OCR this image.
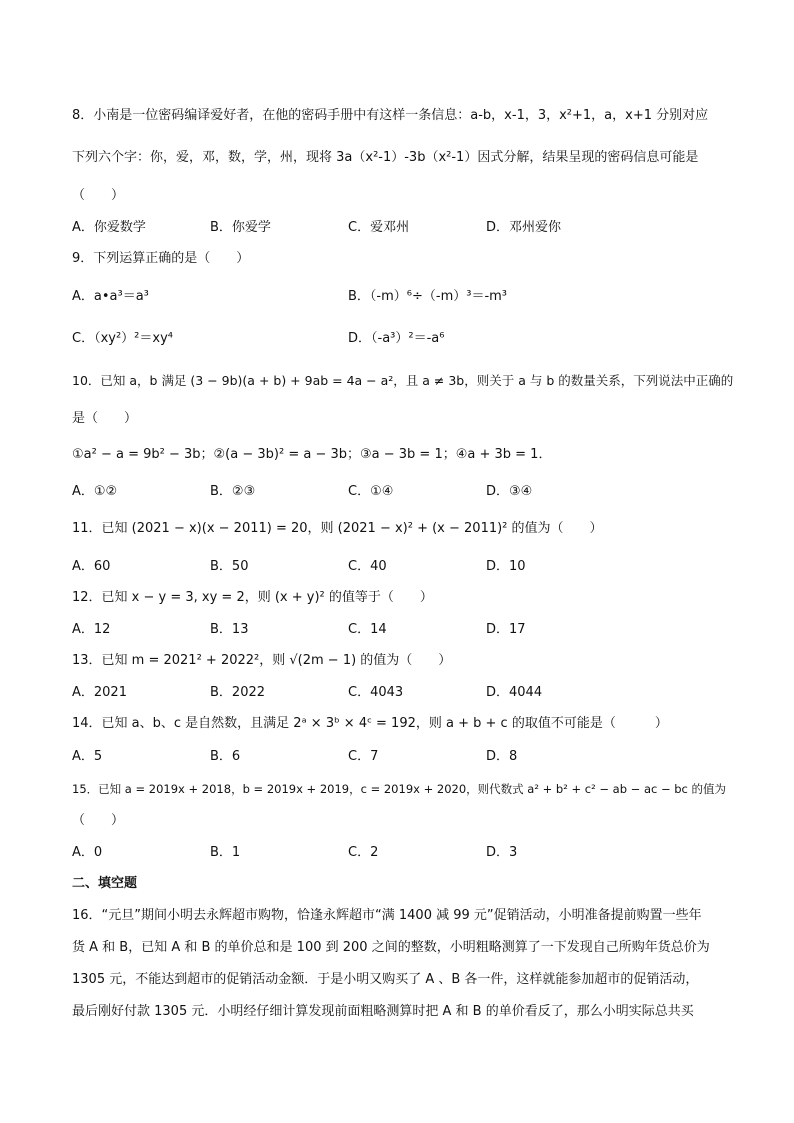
8．小南是一位密码编译爱好者，在他的密码手册中有这样一条信息：a-b，x-1，3，x²+1，a，x+1 分别对应
下列六个字：你，爱，邓，数，学，州，现将 3a（x²-1）-3b（x²-1）因式分解，结果呈现的密码信息可能是
（　　）
A．你爱数学	B．你爱学	C．爱邓州	D．邓州爱你
9．下列运算正确的是（　　）
A．a•a³＝a³	B．（-m）⁶÷（-m）³＝-m³
C．（xy²）²＝xy⁴	D．（-a³）²＝-a⁶
10．已知 a，b 满足 (3 − 9b)(a + b) + 9ab = 4a − a²，且 a ≠ 3b，则关于 a 与 b 的数量关系，下列说法中正确的
是（　　）
①a² − a = 9b² − 3b；②(a − 3b)² = a − 3b；③a − 3b = 1；④a + 3b = 1．
A．①②	B．②③	C．①④	D．③④
11．已知 (2021 − x)(x − 2011) = 20，则 (2021 − x)² + (x − 2011)² 的值为（　　）
A．60	B．50	C．40	D．10
12．已知 x − y = 3, xy = 2，则 (x + y)² 的值等于（　　）
A．12	B．13	C．14	D．17
13．已知 m = 2021² + 2022²，则 √(2m − 1) 的值为（　　）
A．2021	B．2022	C．4043	D．4044
14．已知 a、b、c 是自然数，且满足 2ᵃ × 3ᵇ × 4ᶜ = 192，则 a + b + c 的取值不可能是（　　　）
A．5	B．6	C．7	D．8
15．已知 a = 2019x + 2018，b = 2019x + 2019，c = 2019x + 2020，则代数式 a² + b² + c² − ab − ac − bc 的值为
（　　）
A．0	B．1	C．2	D．3
二、填空题
16．“元旦”期间小明去永辉超市购物，恰逢永辉超市“满 1400 减 99 元”促销活动，小明准备提前购置一些年
货 A 和 B，已知 A 和 B 的单价总和是 100 到 200 之间的整数，小明粗略测算了一下发现自己所购年货总价为
1305 元，不能达到超市的促销活动金额．于是小明又购买了 A 、B 各一件，这样就能参加超市的促销活动，
最后刚好付款 1305 元．小明经仔细计算发现前面粗略测算时把 A 和 B 的单价看反了，那么小明实际总共买
